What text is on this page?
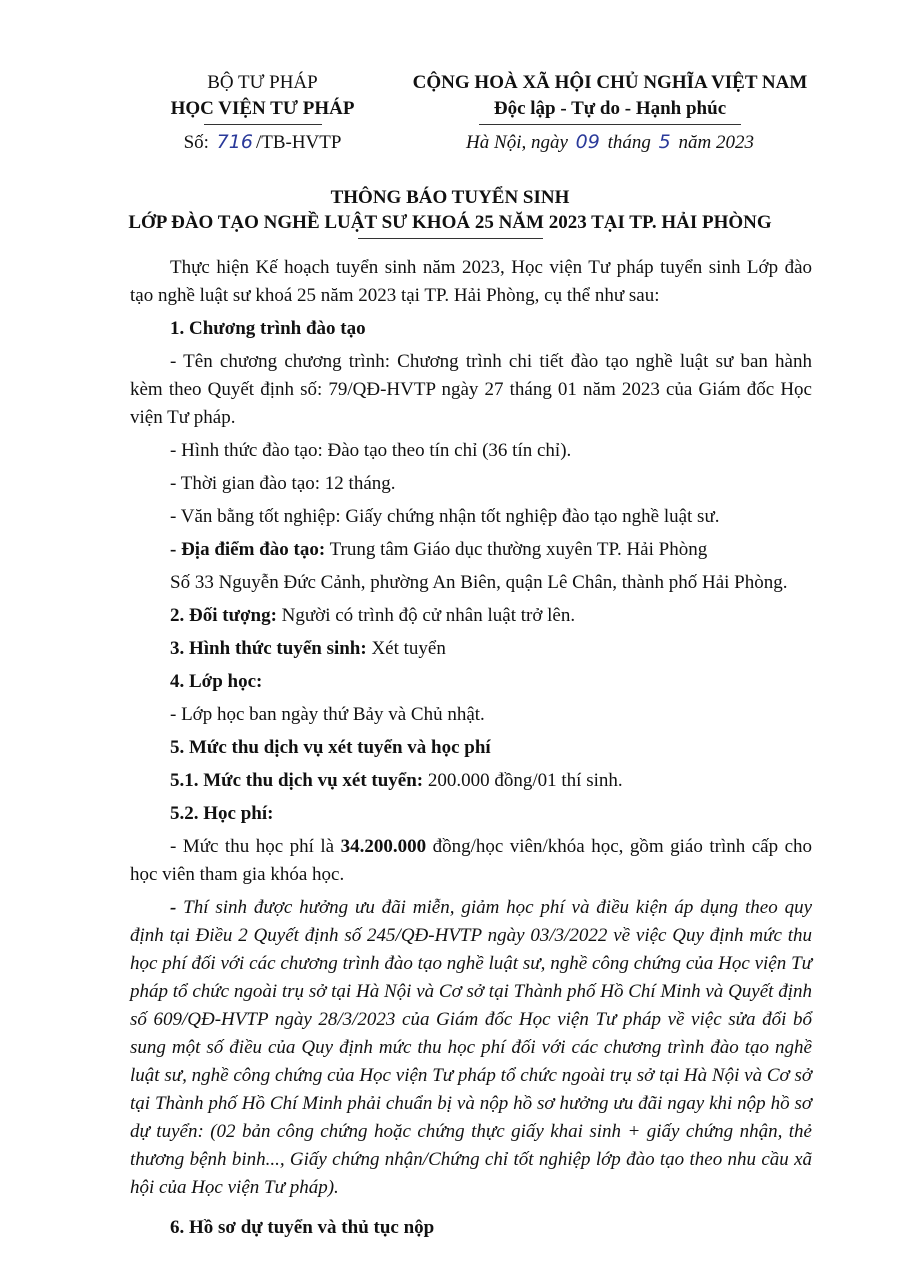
BỘ TƯ PHÁP
HỌC VIỆN TƯ PHÁP
Số: 716 /TB-HVTP
CỘNG HOÀ XÃ HỘI CHỦ NGHĨA VIỆT NAM
Độc lập - Tự do - Hạnh phúc
Hà Nội, ngày 09 tháng 5 năm 2023
THÔNG BÁO TUYỂN SINH
LỚP ĐÀO TẠO NGHỀ LUẬT SƯ KHOÁ 25 NĂM 2023 TẠI TP. HẢI PHÒNG

Thực hiện Kế hoạch tuyển sinh năm 2023, Học viện Tư pháp tuyển sinh Lớp đào tạo nghề luật sư khoá 25 năm 2023 tại TP. Hải Phòng, cụ thể như sau:

1. Chương trình đào tạo

- Tên chương chương trình: Chương trình chi tiết đào tạo nghề luật sư ban hành kèm theo Quyết định số: 79/QĐ-HVTP ngày 27 tháng 01 năm 2023 của Giám đốc Học viện Tư pháp.

- Hình thức đào tạo: Đào tạo theo tín chỉ (36 tín chỉ).

- Thời gian đào tạo: 12 tháng.

- Văn bằng tốt nghiệp: Giấy chứng nhận tốt nghiệp đào tạo nghề luật sư.

- Địa điểm đào tạo: Trung tâm Giáo dục thường xuyên TP. Hải Phòng

Số 33 Nguyễn Đức Cảnh, phường An Biên, quận Lê Chân, thành phố Hải Phòng.

2. Đối tượng: Người có trình độ cử nhân luật trở lên.

3. Hình thức tuyển sinh: Xét tuyển

4. Lớp học:

- Lớp học ban ngày thứ Bảy và Chủ nhật.

5. Mức thu dịch vụ xét tuyển và học phí

5.1. Mức thu dịch vụ xét tuyển: 200.000 đồng/01 thí sinh.

5.2. Học phí:

- Mức thu học phí là 34.200.000 đồng/học viên/khóa học, gồm giáo trình cấp cho học viên tham gia khóa học.

- Thí sinh được hưởng ưu đãi miễn, giảm học phí và điều kiện áp dụng theo quy định tại Điều 2 Quyết định số 245/QĐ-HVTP ngày 03/3/2022 về việc Quy định mức thu học phí đối với các chương trình đào tạo nghề luật sư, nghề công chứng của Học viện Tư pháp tổ chức ngoài trụ sở tại Hà Nội và Cơ sở tại Thành phố Hồ Chí Minh và Quyết định số 609/QĐ-HVTP ngày 28/3/2023 của Giám đốc Học viện Tư pháp về việc sửa đổi bổ sung một số điều của Quy định mức thu học phí đối với các chương trình đào tạo nghề luật sư, nghề công chứng của Học viện Tư pháp tổ chức ngoài trụ sở tại Hà Nội và Cơ sở tại Thành phố Hồ Chí Minh phải chuẩn bị và nộp hồ sơ hưởng ưu đãi ngay khi nộp hồ sơ dự tuyển: (02 bản công chứng hoặc chứng thực giấy khai sinh + giấy chứng nhận, thẻ thương bệnh binh..., Giấy chứng nhận/Chứng chỉ tốt nghiệp lớp đào tạo theo nhu cầu xã hội của Học viện Tư pháp).

6. Hồ sơ dự tuyển và thủ tục nộp
